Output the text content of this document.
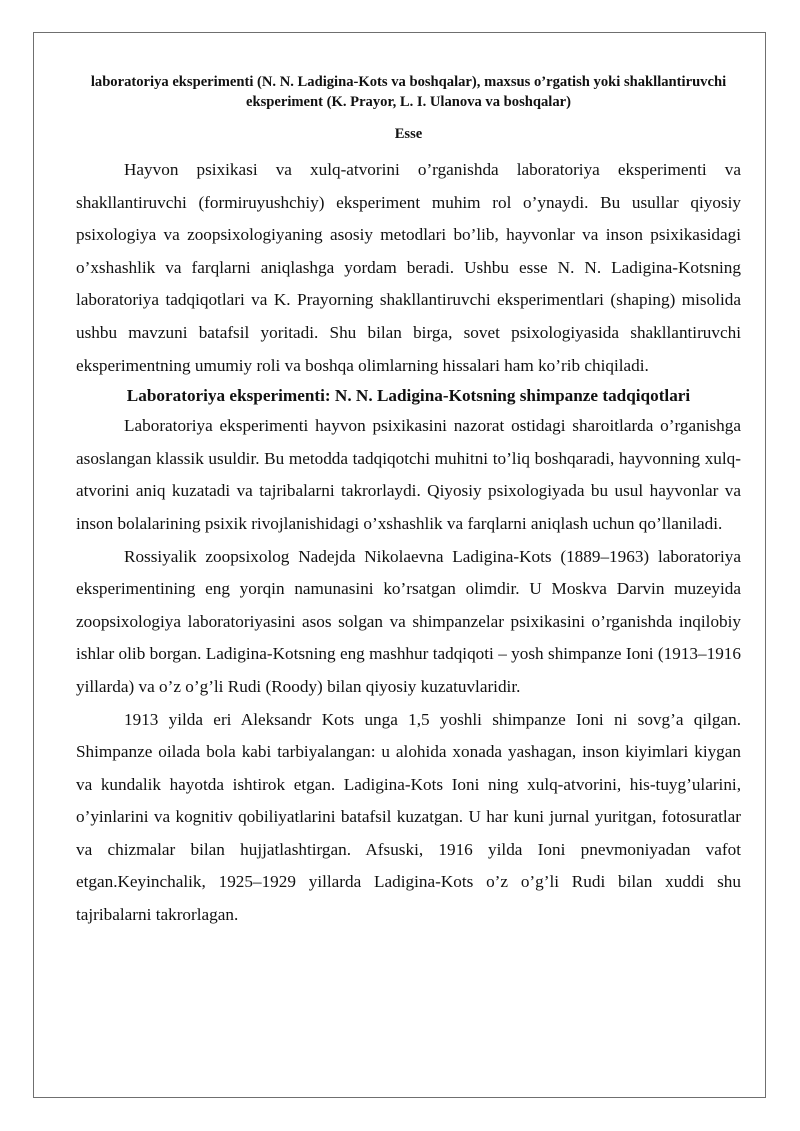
laboratoriya eksperimenti (N. N. Ladigina-Kots va boshqalar), maxsus o’rgatish yoki shakllantiruvchi eksperiment (K. Prayor, L. I. Ulanova va boshqalar)

Esse

Hayvon psixikasi va xulq-atvorini o’rganishda laboratoriya eksperimenti va shakllantiruvchi (formiruyushchiy) eksperiment muhim rol o’ynaydi. Bu usullar qiyosiy psixologiya va zoopsixologiyaning asosiy metodlari bo’lib, hayvonlar va inson psixikasidagi o’xshashlik va farqlarni aniqlashga yordam beradi. Ushbu esse N. N. Ladigina-Kotsning laboratoriya tadqiqotlari va K. Prayorning shakllantiruvchi eksperimentlari (shaping) misolida ushbu mavzuni batafsil yoritadi. Shu bilan birga, sovet psixologiyasida shakllantiruvchi eksperimentning umumiy roli va boshqa olimlarning hissalari ham ko’rib chiqiladi.

Laboratoriya eksperimenti: N. N. Ladigina-Kotsning shimpanze tadqiqotlari

Laboratoriya eksperimenti hayvon psixikasini nazorat ostidagi sharoitlarda o’rganishga asoslangan klassik usuldir. Bu metodda tadqiqotchi muhitni to’liq boshqaradi, hayvonning xulq-atvorini aniq kuzatadi va tajribalarni takrorlaydi. Qiyosiy psixologiyada bu usul hayvonlar va inson bolalarining psixik rivojlanishidagi o’xshashlik va farqlarni aniqlash uchun qo’llaniladi.

Rossiyalik zoopsixolog Nadejda Nikolaevna Ladigina-Kots (1889–1963) laboratoriya eksperimentining eng yorqin namunasini ko’rsatgan olimdir. U Moskva Darvin muzeyida zoopsixologiya laboratoriyasini asos solgan va shimpanzelar psixikasini o’rganishda inqilobiy ishlar olib borgan. Ladigina-Kotsning eng mashhur tadqiqoti – yosh shimpanze Ioni (1913–1916 yillarda) va o’z o’g’li Rudi (Roody) bilan qiyosiy kuzatuvlaridir.

1913 yilda eri Aleksandr Kots unga 1,5 yoshli shimpanze Ioni ni sovg’a qilgan. Shimpanze oilada bola kabi tarbiyalangan: u alohida xonada yashagan, inson kiyimlari kiygan va kundalik hayotda ishtirok etgan. Ladigina-Kots Ioni ning xulq-atvorini, his-tuyg’ularini, o’yinlarini va kognitiv qobiliyatlarini batafsil kuzatgan. U har kuni jurnal yuritgan, fotosuratlar va chizmalar bilan hujjatlashtirgan. Afsuski, 1916 yilda Ioni pnevmoniyadan vafot etgan.Keyinchalik, 1925–1929 yillarda Ladigina-Kots o’z o’g’li Rudi bilan xuddi shu tajribalarni takrorlagan.
